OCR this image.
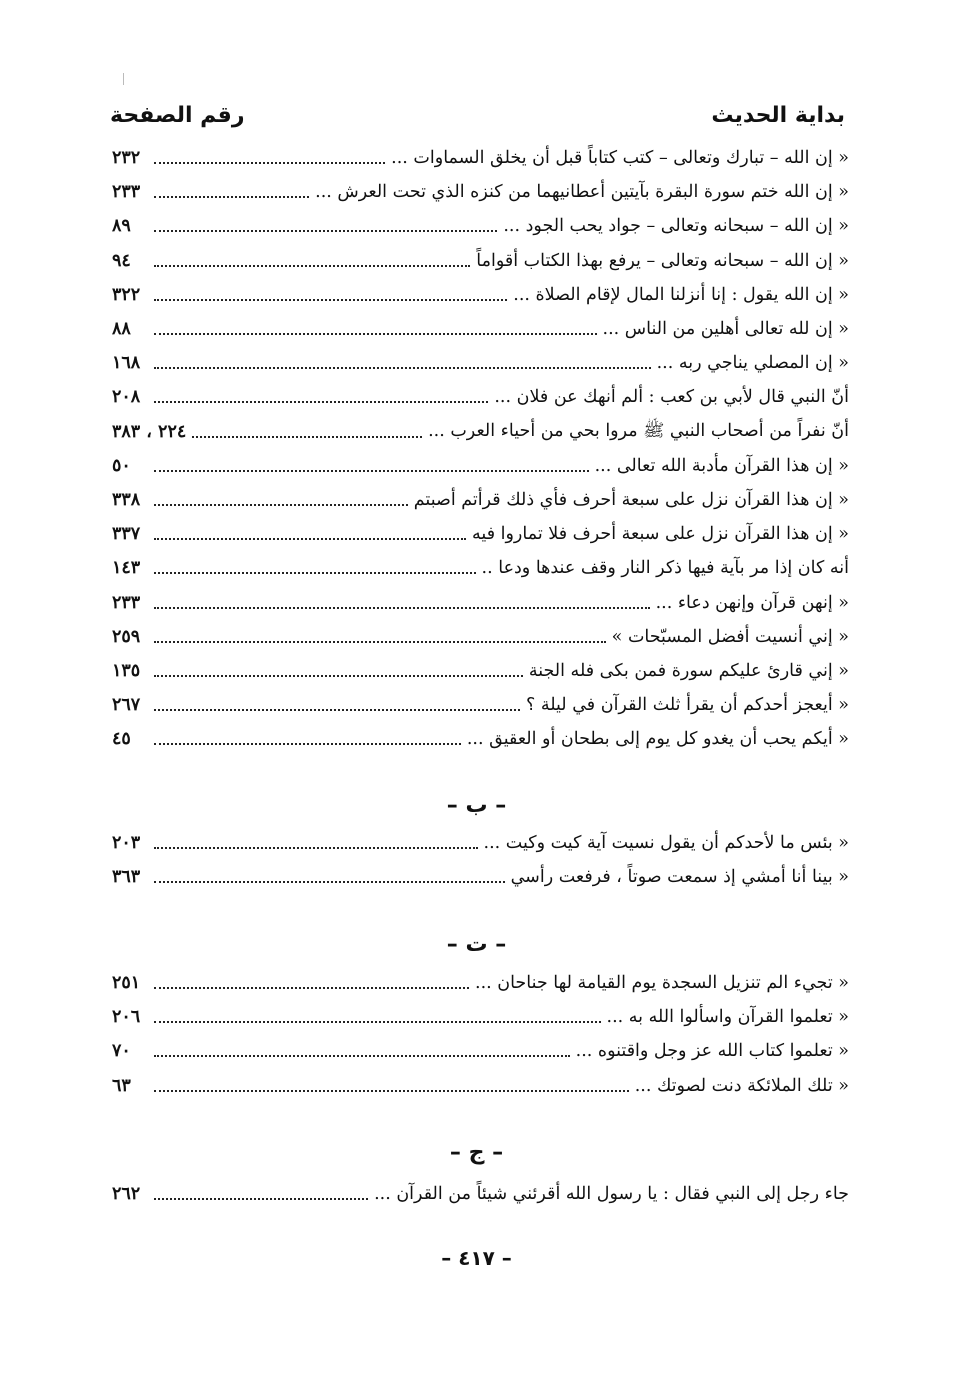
بداية الحديث
رقم الصفحة
« إن الله – تبارك وتعالى – كتب كتاباً قبل أن يخلق السماوات ...
٢٣٢
« إن الله ختم سورة البقرة بآيتين أعطانيهما من كنزه الذي تحت العرش ...
٢٣٣
« إن الله – سبحانه وتعالى – جواد يحب الجود ...
٨٩
« إن الله – سبحانه وتعالى – يرفع بهذا الكتاب أقواماً
٩٤
« إن الله يقول : إنا أنزلنا المال لإقام الصلاة ...
٣٢٢
« إن لله تعالى أهلين من الناس ...
٨٨
« إن المصلي يناجي ربه ...
١٦٨
أنّ النبي قال لأبي بن كعب : ألم أنهك عن فلان ...
٢٠٨
أنّ نفراً من أصحاب النبي ﷺ مروا بحي من أحياء العرب ...
٢٢٤ ، ٣٨٣
« إن هذا القرآن مأدبة الله تعالى ...
٥٠
« إن هذا القرآن نزل على سبعة أحرف فأي ذلك قرأتم أصبتم
٣٣٨
« إن هذا القرآن نزل على سبعة أحرف فلا تماروا فيه
٣٣٧
أنه كان إذا مر بآية فيها ذكر النار وقف عندها ودعا ..
١٤٣
« إنهن قرآن وإنهن دعاء ...
٢٣٣
« إني أنسيت أفضل المسبّحات »
٢٥٩
« إني قارئ عليكم سورة فمن بكى فله الجنة
١٣٥
« أيعجز أحدكم أن يقرأ ثلث القرآن في ليلة ؟
٢٦٧
« أيكم يحب أن يغدو كل يوم إلى بطحان أو العقيق ...
٤٥
– ب –
« بئس ما لأحدكم أن يقول نسيت آية كيت وكيت ...
٢٠٣
« بينا أنا أمشي إذ سمعت صوتاً ، فرفعت رأسي
٣٦٣
– ت –
« تجيء الم تنزيل السجدة يوم القيامة لها جناحان ...
٢٥١
« تعلموا القرآن واسألوا الله به ...
٢٠٦
« تعلموا كتاب الله عز وجل واقتنوه ...
٧٠
« تلك الملائكة دنت لصوتك ...
٦٣
– ج –
جاء رجل إلى النبي فقال : يا رسول الله أقرئني شيئاً من القرآن ...
٢٦٢
– ٤١٧ –
